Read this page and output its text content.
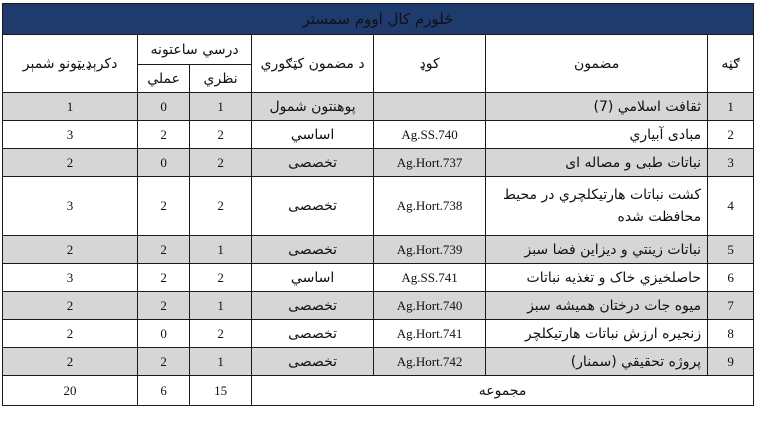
څلورم کال اووم سمستر						
ګڼه	مضمون	کوډ	د مضمون کټګوري	درسي ساعتونه		دکرېډیټونو شمېر
				نظري	عملي	
1	ثقافت اسلامي (7)		پوهنتون شمول	1	0	1
2	مبادی آبیاري	Ag.SS.740	اساسي	2	2	3
3	نباتات طبی و مصاله ای	Ag.Hort.737	تخصصی	2	0	2
4	کشت نباتات هارتیکلچري در محیط محافظت شده	Ag.Hort.738	تخصصی	2	2	3
5	نباتات زینتي و دیزاین فضا سبز	Ag.Hort.739	تخصصی	1	2	2
6	حاصلخیزي خاک و تغذیه نباتات	Ag.SS.741	اساسي	2	2	3
7	میوه جات درختان همیشه سبز	Ag.Hort.740	تخصصی	1	2	2
8	زنجیره ارزش نباتات هارتیکلچر	Ag.Hort.741	تخصصی	2	0	2
9	پروژه تحقیقي (سمنار)	Ag.Hort.742	تخصصی	1	2	2
مجموعه				15	6	20
